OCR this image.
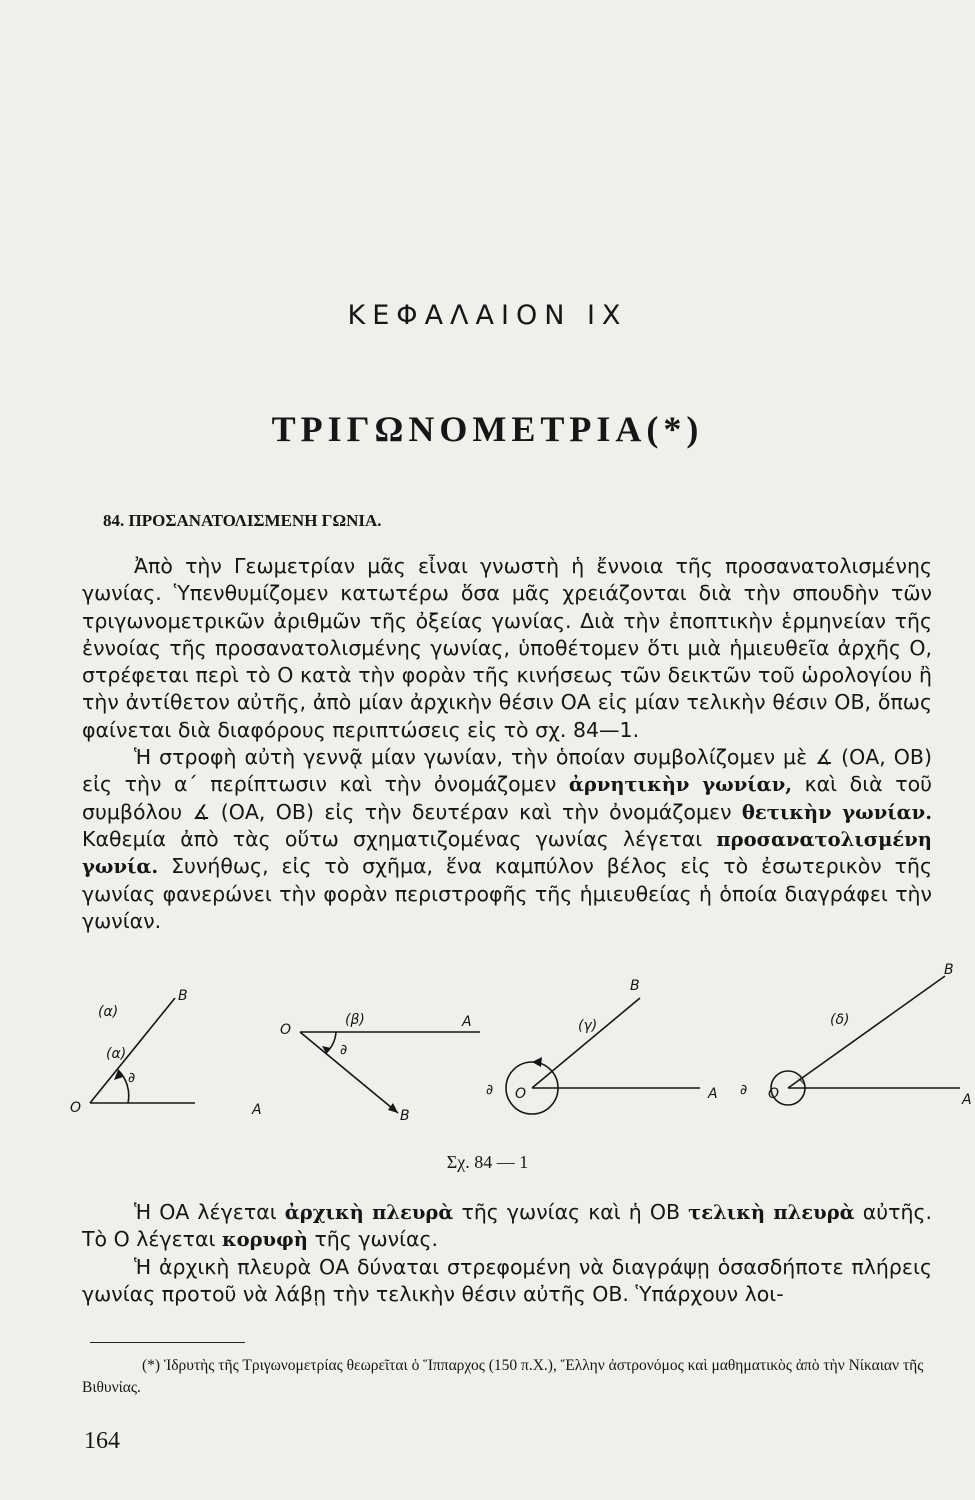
ΚΕΦΑΛΑΙΟΝ ΙΧ
ΤΡΙΓΩΝΟΜΕΤΡΙΑ(*)
84. ΠΡΟΣΑΝΑΤΟΛΙΣΜΕΝΗ ΓΩΝΙΑ.

Ἀπὸ τὴν Γεωμετρίαν μᾶς εἶναι γνωστὴ ἡ ἔννοια τῆς προσανατολισμένης γωνίας. Ὑπενθυμίζομεν κατωτέρω ὅσα μᾶς χρειάζονται διὰ τὴν σπουδὴν τῶν τριγωνομετρικῶν ἀριθμῶν τῆς ὀξείας γωνίας. Διὰ τὴν ἐποπτικὴν ἑρμηνείαν τῆς ἐννοίας τῆς προσανατολισμένης γωνίας, ὑποθέτομεν ὅτι μιὰ ἡμιευθεῖα ἀρχῆς Ο, στρέφεται περὶ τὸ Ο κατὰ τὴν φορὰν τῆς κινήσεως τῶν δεικτῶν τοῦ ὡρολογίου ἢ τὴν ἀντίθετον αὐτῆς, ἀπὸ μίαν ἀρχικὴν θέσιν ΟΑ εἰς μίαν τελικὴν θέσιν ΟΒ, ὅπως φαίνεται διὰ διαφόρους περιπτώσεις εἰς τὸ σχ. 84—1.

Ἡ στροφὴ αὐτὴ γεννᾷ μίαν γωνίαν, τὴν ὁποίαν συμβολίζομεν μὲ ∡ (ΟΑ, ΟΒ) εἰς τὴν α΄ περίπτωσιν καὶ τὴν ὀνομάζομεν ἀρνητικὴν γωνίαν, καὶ διὰ τοῦ συμβόλου ∡ (ΟΑ, ΟΒ) εἰς τὴν δευτέραν καὶ τὴν ὀνομάζομεν θετικὴν γωνίαν. Καθεμία ἀπὸ τὰς οὕτω σχηματιζομένας γωνίας λέγεται προσανατολισμένη γωνία. Συνήθως, εἰς τὸ σχῆμα, ἕνα καμπύλον βέλος εἰς τὸ ἐσωτερικὸν τῆς γωνίας φανερώνει τὴν φορὰν περιστροφῆς τῆς ἡμιευθείας ἡ ὁποία διαγράφει τὴν γωνίαν.

(α)
(α)
B
O	A
∂
(β)
O	A
B
∂
(γ)
O	A
B
∂
(δ)
O	A
B
∂
Σχ. 84 — 1

Ἡ ΟΑ λέγεται ἀρχικὴ πλευρὰ τῆς γωνίας καὶ ἡ ΟΒ τελικὴ πλευρὰ αὐτῆς. Τὸ Ο λέγεται κορυφὴ τῆς γωνίας.

Ἡ ἀρχικὴ πλευρὰ ΟΑ δύναται στρεφομένη νὰ διαγράψῃ ὁσασδήποτε πλήρεις γωνίας προτοῦ νὰ λάβῃ τὴν τελικὴν θέσιν αὐτῆς ΟΒ. Ὑπάρχουν λοι-

(*) Ἱδρυτὴς τῆς Τριγωνομετρίας θεωρεῖται ὁ Ἵππαρχος (150 π.Χ.), Ἕλλην ἀστρονόμος καὶ μαθηματικὸς ἀπὸ τὴν Νίκαιαν τῆς Βιθυνίας.

164
